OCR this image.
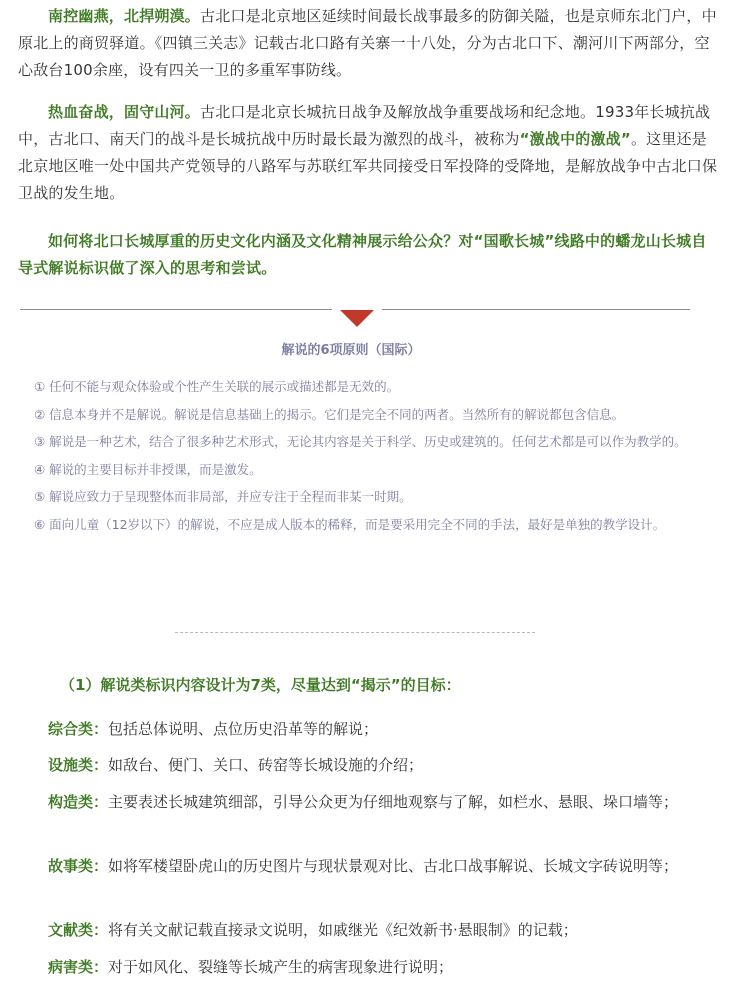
南控幽燕，北捍朔漠。古北口是北京地区延续时间最长战事最多的防御关隘，也是京师东北门户，中原北上的商贸驿道。《四镇三关志》记载古北口路有关寨一十八处，分为古北口下、潮河川下两部分，空心敌台100余座，设有四关一卫的多重军事防线。

热血奋战，固守山河。古北口是北京长城抗日战争及解放战争重要战场和纪念地。1933年长城抗战中，古北口、南天门的战斗是长城抗战中历时最长最为激烈的战斗，被称为“激战中的激战”。这里还是北京地区唯一处中国共产党领导的八路军与苏联红军共同接受日军投降的受降地，是解放战争中古北口保卫战的发生地。

如何将北口长城厚重的历史文化内涵及文化精神展示给公众？对“国歌长城”线路中的蟠龙山长城自导式解说标识做了深入的思考和尝试。

解说的6项原则（国际）
① 任何不能与观众体验或个性产生关联的展示或描述都是无效的。
② 信息本身并不是解说。解说是信息基础上的揭示。它们是完全不同的两者。当然所有的解说都包含信息。
③ 解说是一种艺术，结合了很多种艺术形式，无论其内容是关于科学、历史或建筑的。任何艺术都是可以作为教学的。
④ 解说的主要目标并非授课，而是激发。
⑤ 解说应致力于呈现整体而非局部，并应专注于全程而非某一时期。
⑥ 面向儿童（12岁以下）的解说，不应是成人版本的稀释，而是要采用完全不同的手法，最好是单独的教学设计。
（1）解说类标识内容设计为7类，尽量达到“揭示”的目标：
综合类：包括总体说明、点位历史沿革等的解说；
设施类：如敌台、便门、关口、砖窑等长城设施的介绍；
构造类：主要表述长城建筑细部，引导公众更为仔细地观察与了解，如栏水、悬眼、垛口墙等；
故事类：如将军楼望卧虎山的历史图片与现状景观对比、古北口战事解说、长城文字砖说明等；
文献类：将有关文献记载直接录文说明，如戚继光《纪效新书·悬眼制》的记载；
病害类：对于如风化、裂缝等长城产生的病害现象进行说明；
